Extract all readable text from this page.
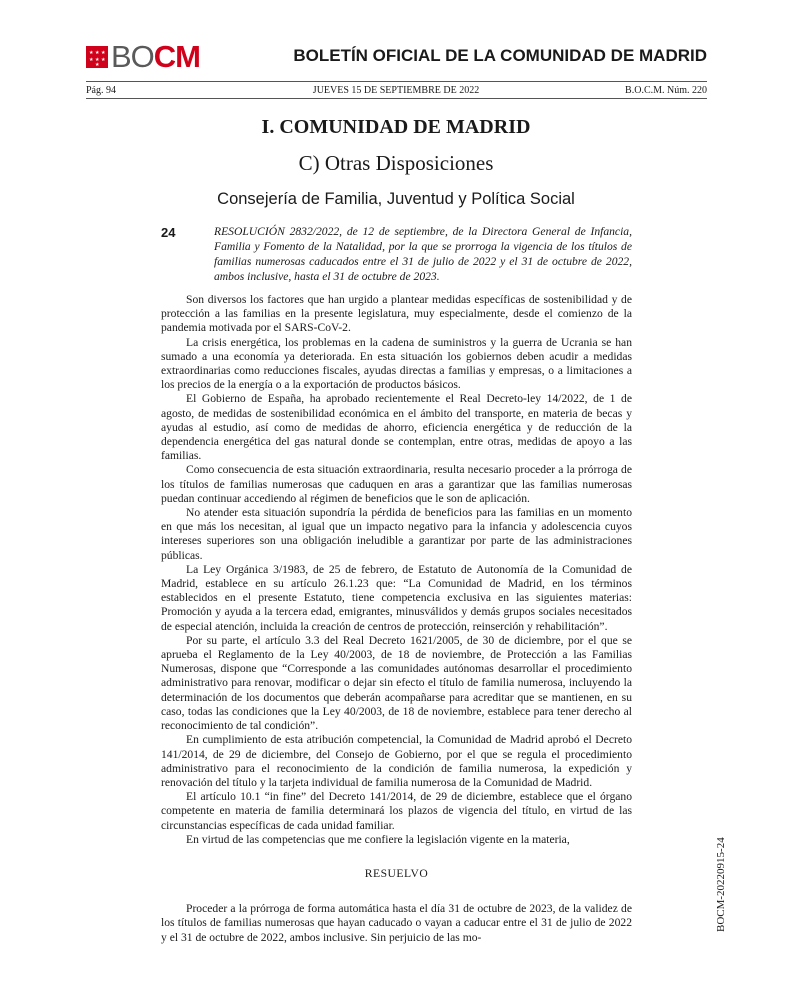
★ ★ ★
★ ★ ★
★ BOCM	BOLETÍN OFICIAL DE LA COMUNIDAD DE MADRID
Pág. 94	JUEVES 15 DE SEPTIEMBRE DE 2022	B.O.C.M. Núm. 220
I. COMUNIDAD DE MADRID
C) Otras Disposiciones
Consejería de Familia, Juventud y Política Social
24	RESOLUCIÓN 2832/2022, de 12 de septiembre, de la Directora General de Infancia, Familia y Fomento de la Natalidad, por la que se prorroga la vigencia de los títulos de familias numerosas caducados entre el 31 de julio de 2022 y el 31 de octubre de 2022, ambos inclusive, hasta el 31 de octubre de 2023.

Son diversos los factores que han urgido a plantear medidas específicas de sostenibilidad y de protección a las familias en la presente legislatura, muy especialmente, desde el comienzo de la pandemia motivada por el SARS-CoV-2.

La crisis energética, los problemas en la cadena de suministros y la guerra de Ucrania se han sumado a una economía ya deteriorada. En esta situación los gobiernos deben acudir a medidas extraordinarias como reducciones fiscales, ayudas directas a familias y empresas, o a limitaciones a los precios de la energía o a la exportación de productos básicos.

El Gobierno de España, ha aprobado recientemente el Real Decreto-ley 14/2022, de 1 de agosto, de medidas de sostenibilidad económica en el ámbito del transporte, en materia de becas y ayudas al estudio, así como de medidas de ahorro, eficiencia energética y de reducción de la dependencia energética del gas natural donde se contemplan, entre otras, medidas de apoyo a las familias.

Como consecuencia de esta situación extraordinaria, resulta necesario proceder a la prórroga de los títulos de familias numerosas que caduquen en aras a garantizar que las familias numerosas puedan continuar accediendo al régimen de beneficios que le son de aplicación.

No atender esta situación supondría la pérdida de beneficios para las familias en un momento en que más los necesitan, al igual que un impacto negativo para la infancia y adolescencia cuyos intereses superiores son una obligación ineludible a garantizar por parte de las administraciones públicas.

La Ley Orgánica 3/1983, de 25 de febrero, de Estatuto de Autonomía de la Comunidad de Madrid, establece en su artículo 26.1.23 que: “La Comunidad de Madrid, en los términos establecidos en el presente Estatuto, tiene competencia exclusiva en las siguientes materias: Promoción y ayuda a la tercera edad, emigrantes, minusválidos y demás grupos sociales necesitados de especial atención, incluida la creación de centros de protección, reinserción y rehabilitación”.

Por su parte, el artículo 3.3 del Real Decreto 1621/2005, de 30 de diciembre, por el que se aprueba el Reglamento de la Ley 40/2003, de 18 de noviembre, de Protección a las Familias Numerosas, dispone que “Corresponde a las comunidades autónomas desarrollar el procedimiento administrativo para renovar, modificar o dejar sin efecto el título de familia numerosa, incluyendo la determinación de los documentos que deberán acompañarse para acreditar que se mantienen, en su caso, todas las condiciones que la Ley 40/2003, de 18 de noviembre, establece para tener derecho al reconocimiento de tal condición”.

En cumplimiento de esta atribución competencial, la Comunidad de Madrid aprobó el Decreto 141/2014, de 29 de diciembre, del Consejo de Gobierno, por el que se regula el procedimiento administrativo para el reconocimiento de la condición de familia numerosa, la expedición y renovación del título y la tarjeta individual de familia numerosa de la Comunidad de Madrid.

El artículo 10.1 “in fine” del Decreto 141/2014, de 29 de diciembre, establece que el órgano competente en materia de familia determinará los plazos de vigencia del título, en virtud de las circunstancias específicas de cada unidad familiar.

En virtud de las competencias que me confiere la legislación vigente en la materia,

RESUELVO

Proceder a la prórroga de forma automática hasta el día 31 de octubre de 2023, de la validez de los títulos de familias numerosas que hayan caducado o vayan a caducar entre el 31 de julio de 2022 y el 31 de octubre de 2022, ambos inclusive. Sin perjuicio de las mo-

BOCM-20220915-24
